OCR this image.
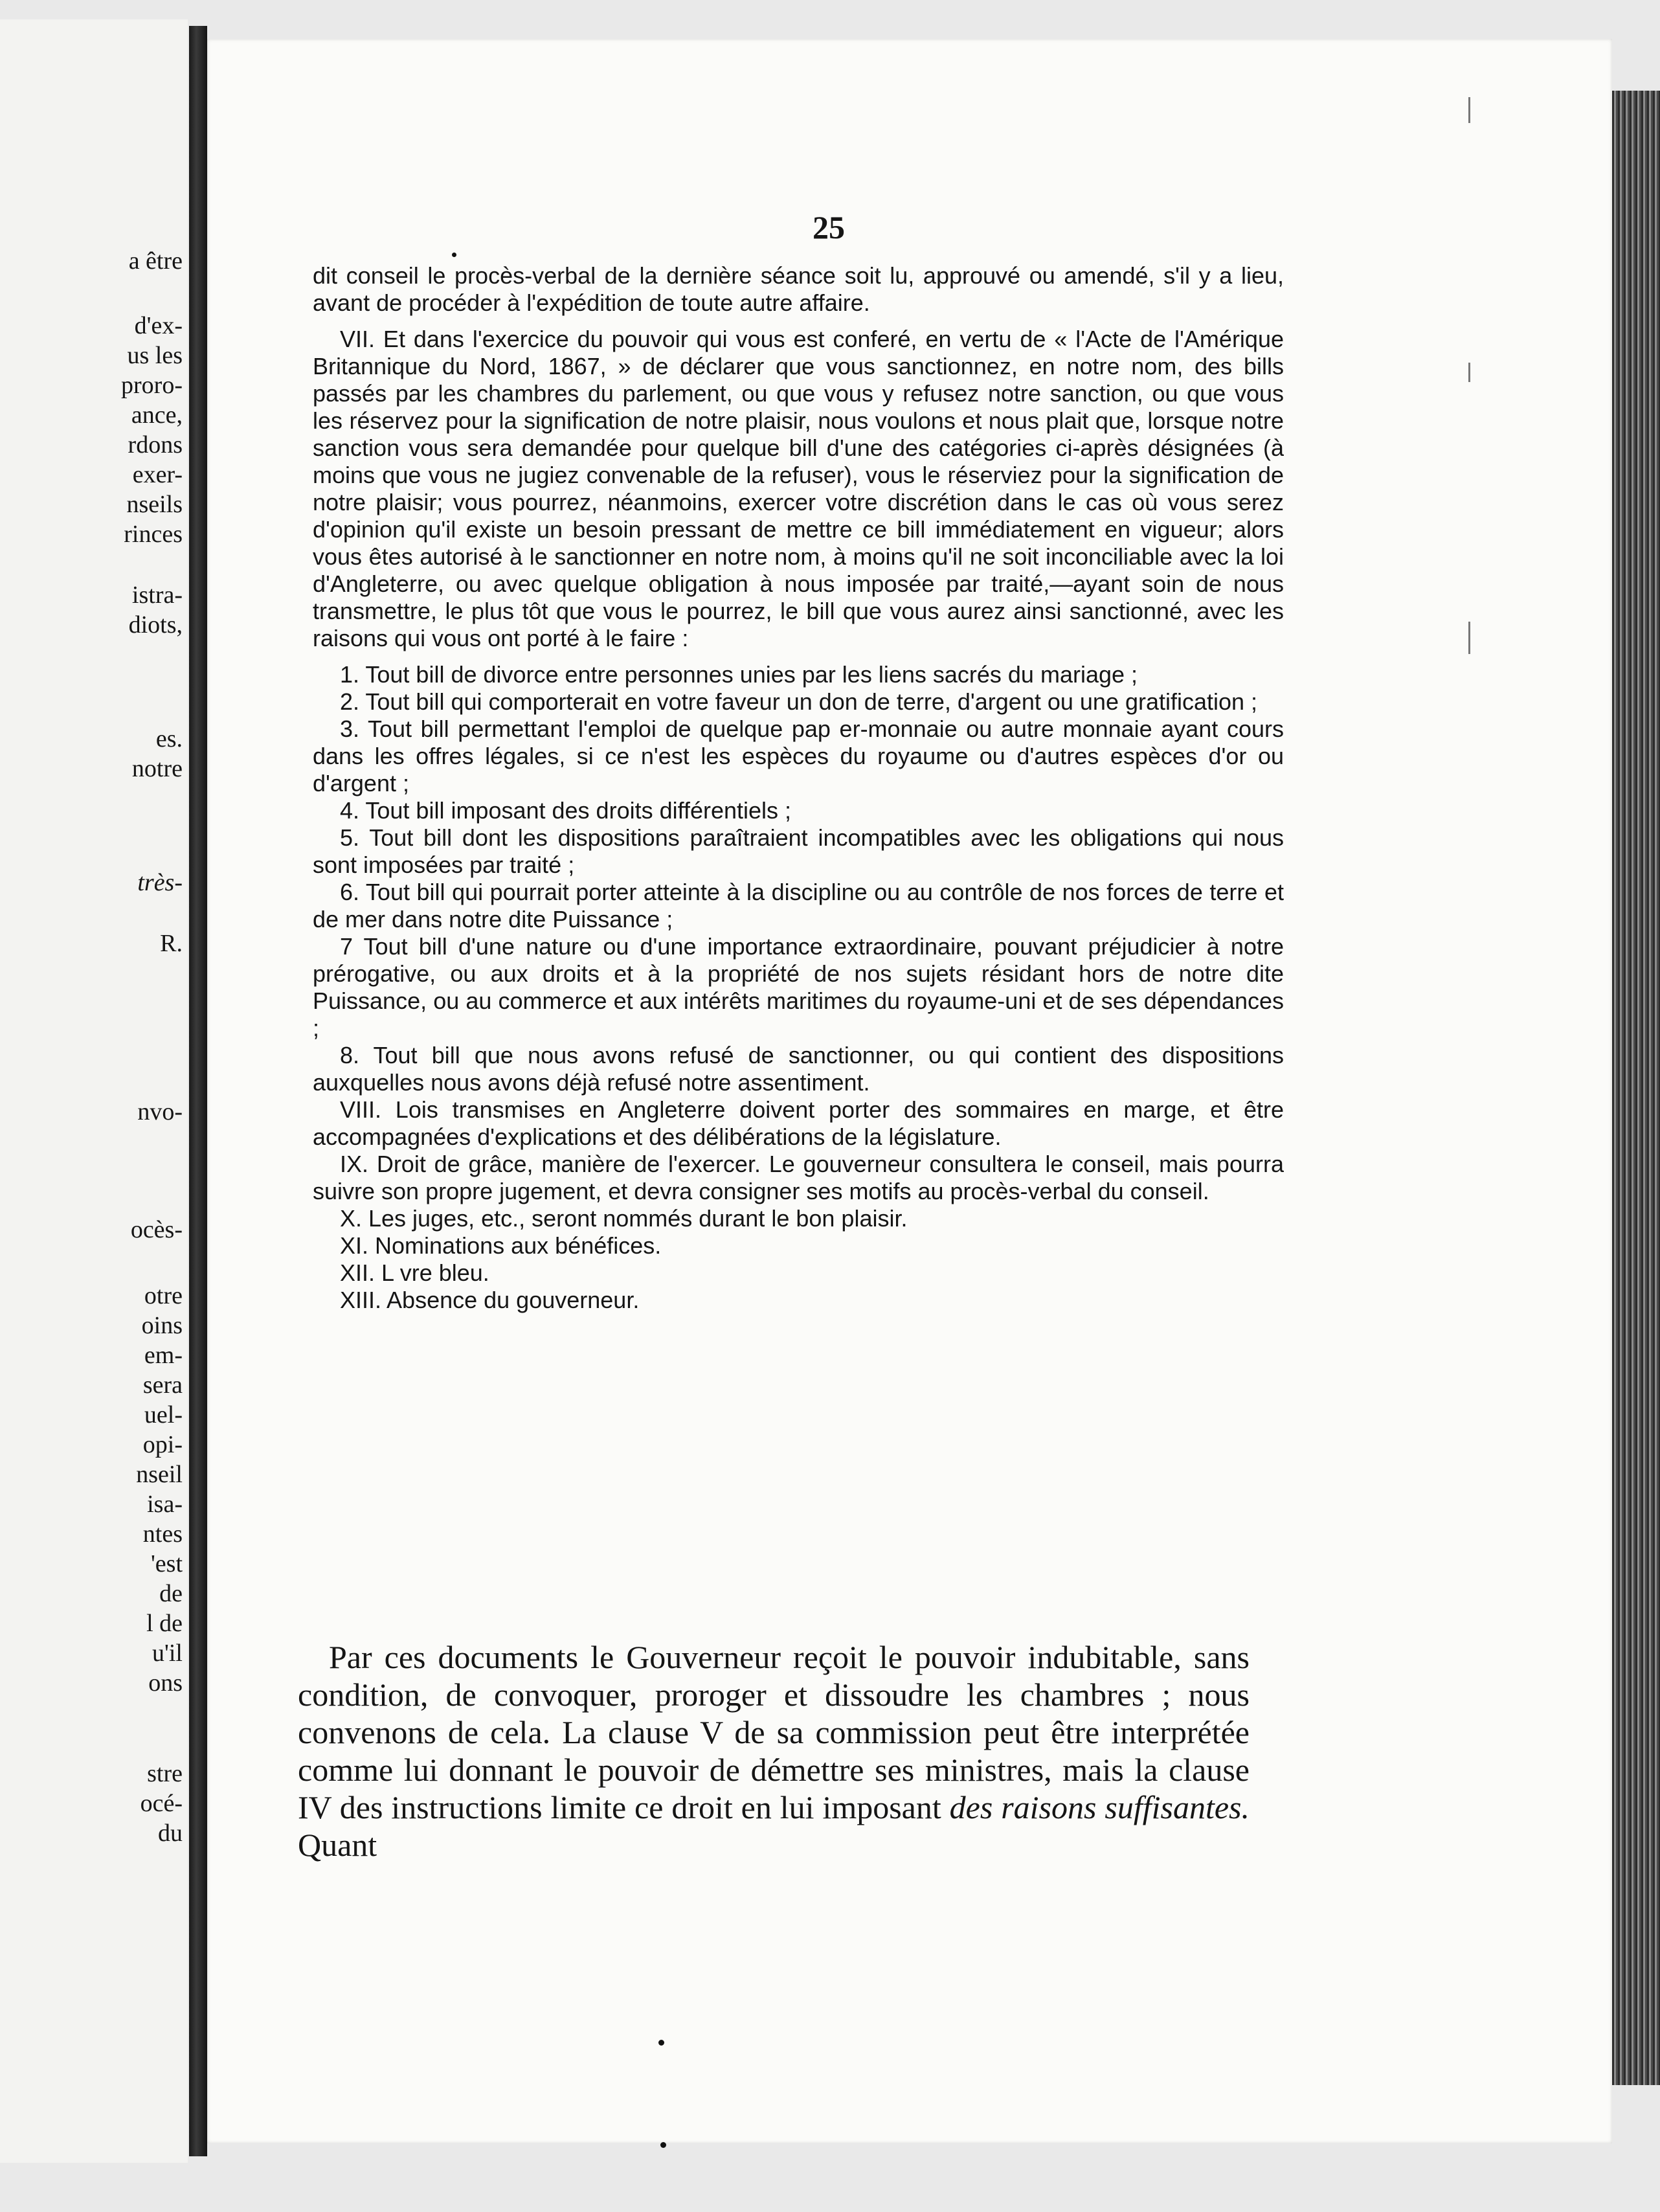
a être
d'ex-
us les
proro-
ance,
rdons
exer-
nseils
rinces
istra-
diots,
es.
notre
très-
R.
nvo-
ocès-
otre
oins
em-
sera
uel-
opi-
nseil
isa-
ntes
'est
de
l de
u'il
ons
stre
océ-
du
25

dit conseil le procès-verbal de la dernière séance soit lu, approuvé ou amendé, s'il y a lieu, avant de procéder à l'expédition de toute autre affaire.

VII. Et dans l'exercice du pouvoir qui vous est conferé, en vertu de « l'Acte de l'Amérique Britannique du Nord, 1867, » de déclarer que vous sanctionnez, en notre nom, des bills passés par les chambres du parlement, ou que vous y refusez notre sanction, ou que vous les réservez pour la signification de notre plaisir, nous voulons et nous plait que, lorsque notre sanction vous sera demandée pour quelque bill d'une des catégories ci-après désignées (à moins que vous ne jugiez convenable de la refuser), vous le réserviez pour la signification de notre plaisir; vous pourrez, néanmoins, exercer votre discrétion dans le cas où vous serez d'opinion qu'il existe un besoin pressant de mettre ce bill immédiatement en vigueur; alors vous êtes autorisé à le sanctionner en notre nom, à moins qu'il ne soit inconciliable avec la loi d'Angleterre, ou avec quelque obligation à nous imposée par traité,—ayant soin de nous transmettre, le plus tôt que vous le pourrez, le bill que vous aurez ainsi sanctionné, avec les raisons qui vous ont porté à le faire :

1. Tout bill de divorce entre personnes unies par les liens sacrés du mariage ;

2. Tout bill qui comporterait en votre faveur un don de terre, d'argent ou une gratification ;

3. Tout bill permettant l'emploi de quelque pap er-monnaie ou autre monnaie ayant cours dans les offres légales, si ce n'est les espèces du royaume ou d'autres espèces d'or ou d'argent ;

4. Tout bill imposant des droits différentiels ;

5. Tout bill dont les dispositions paraîtraient incompatibles avec les obligations qui nous sont imposées par traité ;

6. Tout bill qui pourrait porter atteinte à la discipline ou au contrôle de nos forces de terre et de mer dans notre dite Puissance ;

7 Tout bill d'une nature ou d'une importance extraordinaire, pouvant préjudicier à notre prérogative, ou aux droits et à la propriété de nos sujets résidant hors de notre dite Puissance, ou au commerce et aux intérêts maritimes du royaume-uni et de ses dépendances ;

8. Tout bill que nous avons refusé de sanctionner, ou qui contient des dispositions auxquelles nous avons déjà refusé notre assentiment.

VIII. Lois transmises en Angleterre doivent porter des sommaires en marge, et être accompagnées d'explications et des délibérations de la législature.

IX. Droit de grâce, manière de l'exercer. Le gouverneur consultera le conseil, mais pourra suivre son propre jugement, et devra consigner ses motifs au procès-verbal du conseil.

X. Les juges, etc., seront nommés durant le bon plaisir.

XI. Nominations aux bénéfices.

XII. L vre bleu.

XIII. Absence du gouverneur.

Par ces documents le Gouverneur reçoit le pouvoir indubitable, sans condition, de convoquer, proroger et dissoudre les chambres ; nous convenons de cela. La clause V de sa commission peut être interprétée comme lui donnant le pouvoir de démettre ses ministres, mais la clause IV des instructions limite ce droit en lui imposant des raisons suffisantes. Quant
